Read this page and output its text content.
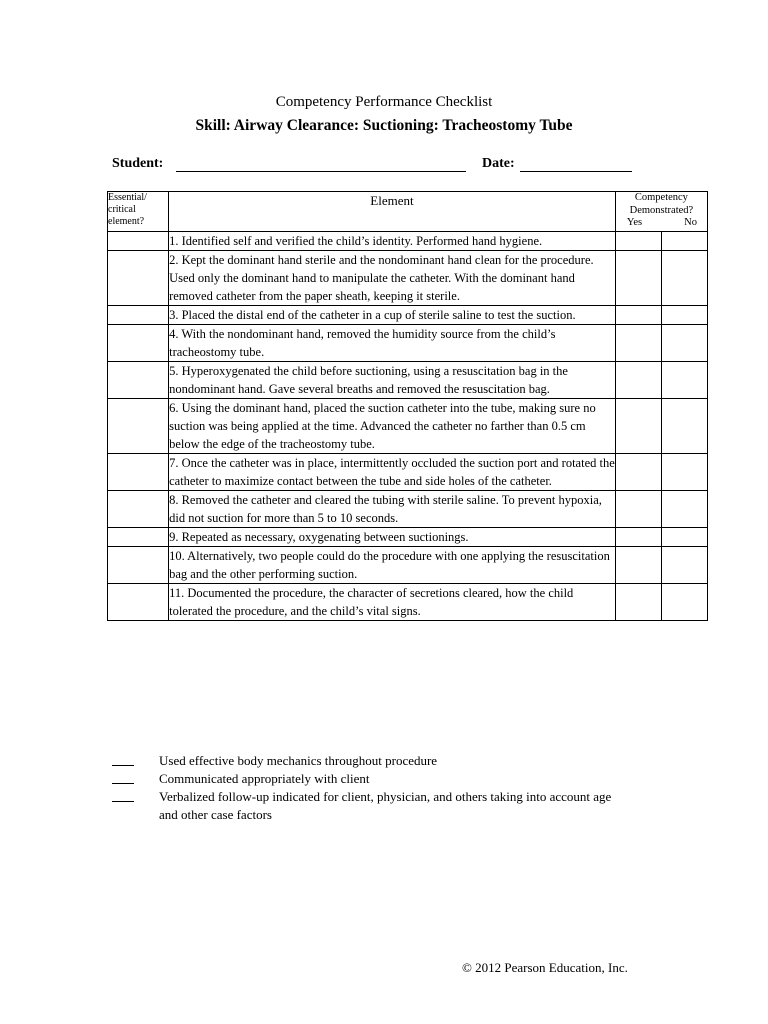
Competency Performance Checklist
Skill: Airway Clearance: Suctioning: Tracheostomy Tube
Student:	Date:
Essential/ critical element?	Element	Competency Demonstrated?
Yes No	

	1. Identified self and verified the child’s identity. Performed hand hygiene.		

	2. Kept the dominant hand sterile and the nondominant hand clean for the procedure. Used only the dominant hand to manipulate the catheter. With the dominant hand removed catheter from the paper sheath, keeping it sterile.		

	3. Placed the distal end of the catheter in a cup of sterile saline to test the suction.		

	4. With the nondominant hand, removed the humidity source from the child’s tracheostomy tube.		

	5. Hyperoxygenated the child before suctioning, using a resuscitation bag in the nondominant hand. Gave several breaths and removed the resuscitation bag.		

	6. Using the dominant hand, placed the suction catheter into the tube, making sure no suction was being applied at the time. Advanced the catheter no farther than 0.5 cm below the edge of the tracheostomy tube.		

	7. Once the catheter was in place, intermittently occluded the suction port and rotated the catheter to maximize contact between the tube and side holes of the catheter.		

	8. Removed the catheter and cleared the tubing with sterile saline. To prevent hypoxia, did not suction for more than 5 to 10 seconds.		

	9. Repeated as necessary, oxygenating between suctionings.		

	10. Alternatively, two people could do the procedure with one applying the resuscitation bag and the other performing suction.		

	11. Documented the procedure, the character of secretions cleared, how the child tolerated the procedure, and the child’s vital signs.		

Used effective body mechanics throughout procedure
Communicated appropriately with client
Verbalized follow-up indicated for client, physician, and others taking into account age and other case factors
© 2012 Pearson Education, Inc.
